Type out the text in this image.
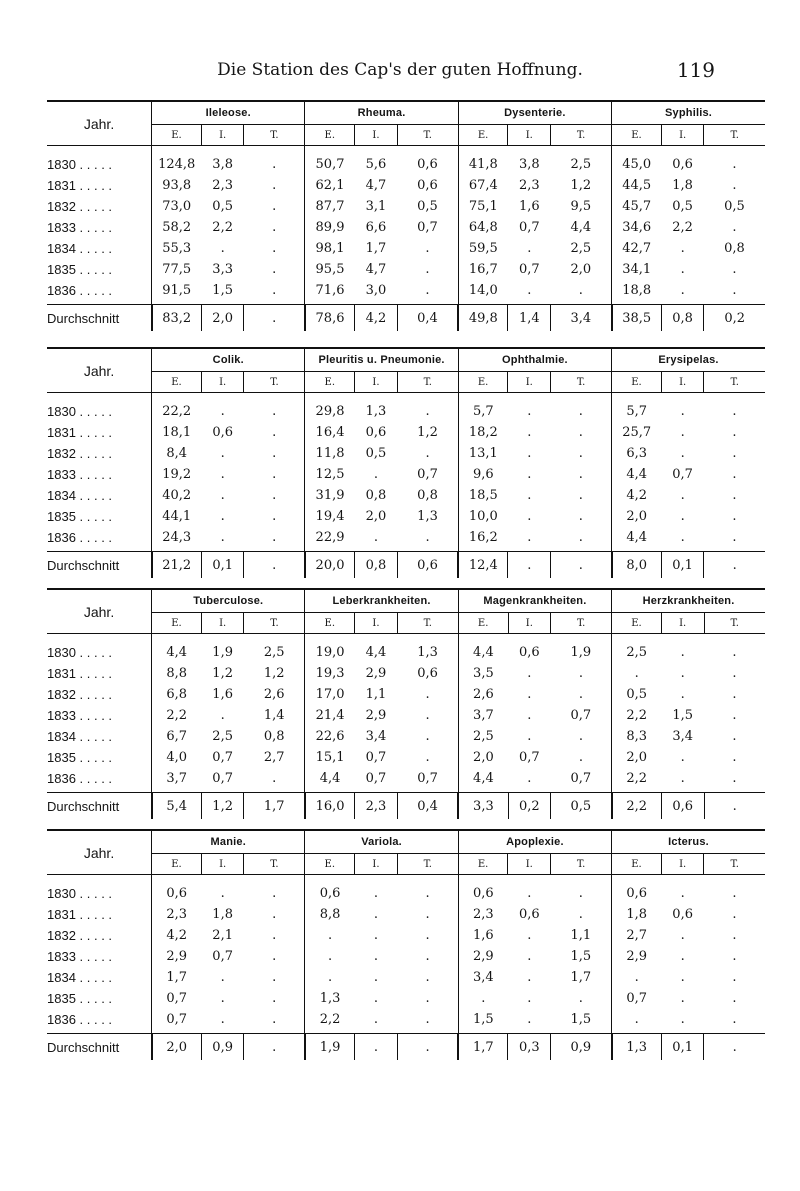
Die Station des Cap's der guten Hoffnung.	119
Jahr.	Ileleose.			Rheuma.			Dysenterie.			Syphilis.		
	E.	I.	T.	E.	I.	T.	E.	I.	T.	E.	I.	T.
1830 . . . . .	124,8	3,8	.	50,7	5,6	0,6	41,8	3,8	2,5	45,0	0,6	.
1831 . . . . .	93,8	2,3	.	62,1	4,7	0,6	67,4	2,3	1,2	44,5	1,8	.
1832 . . . . .	73,0	0,5	.	87,7	3,1	0,5	75,1	1,6	9,5	45,7	0,5	0,5
1833 . . . . .	58,2	2,2	.	89,9	6,6	0,7	64,8	0,7	4,4	34,6	2,2	.
1834 . . . . .	55,3	.	.	98,1	1,7	.	59,5	.	2,5	42,7	.	0,8
1835 . . . . .	77,5	3,3	.	95,5	4,7	.	16,7	0,7	2,0	34,1	.	.
1836 . . . . .	91,5	1,5	.	71,6	3,0	.	14,0	.	.	18,8	.	.
Durchschnitt	83,2	2,0	.	78,6	4,2	0,4	49,8	1,4	3,4	38,5	0,8	0,2
Jahr.	Colik.			Pleuritis u. Pneumonie.			Ophthalmie.			Erysipelas.		
	E.	I.	T.	E.	I.	T.	E.	I.	T.	E.	I.	T.
1830 . . . . .	22,2	.	.	29,8	1,3	.	5,7	.	.	5,7	.	.
1831 . . . . .	18,1	0,6	.	16,4	0,6	1,2	18,2	.	.	25,7	.	.
1832 . . . . .	8,4	.	.	11,8	0,5	.	13,1	.	.	6,3	.	.
1833 . . . . .	19,2	.	.	12,5	.	0,7	9,6	.	.	4,4	0,7	.
1834 . . . . .	40,2	.	.	31,9	0,8	0,8	18,5	.	.	4,2	.	.
1835 . . . . .	44,1	.	.	19,4	2,0	1,3	10,0	.	.	2,0	.	.
1836 . . . . .	24,3	.	.	22,9	.	.	16,2	.	.	4,4	.	.
Durchschnitt	21,2	0,1	.	20,0	0,8	0,6	12,4	.	.	8,0	0,1	.
Jahr.	Tuberculose.			Leberkrankheiten.			Magenkrankheiten.			Herzkrankheiten.		
	E.	I.	T.	E.	I.	T.	E.	I.	T.	E.	I.	T.
1830 . . . . .	4,4	1,9	2,5	19,0	4,4	1,3	4,4	0,6	1,9	2,5	.	.
1831 . . . . .	8,8	1,2	1,2	19,3	2,9	0,6	3,5	.	.	.	.	.
1832 . . . . .	6,8	1,6	2,6	17,0	1,1	.	2,6	.	.	0,5	.	.
1833 . . . . .	2,2	.	1,4	21,4	2,9	.	3,7	.	0,7	2,2	1,5	.
1834 . . . . .	6,7	2,5	0,8	22,6	3,4	.	2,5	.	.	8,3	3,4	.
1835 . . . . .	4,0	0,7	2,7	15,1	0,7	.	2,0	0,7	.	2,0	.	.
1836 . . . . .	3,7	0,7	.	4,4	0,7	0,7	4,4	.	0,7	2,2	.	.
Durchschnitt	5,4	1,2	1,7	16,0	2,3	0,4	3,3	0,2	0,5	2,2	0,6	.
Jahr.	Manie.			Variola.			Apoplexie.			Icterus.		
	E.	I.	T.	E.	I.	T.	E.	I.	T.	E.	I.	T.
1830 . . . . .	0,6	.	.	0,6	.	.	0,6	.	.	0,6	.	.
1831 . . . . .	2,3	1,8	.	8,8	.	.	2,3	0,6	.	1,8	0,6	.
1832 . . . . .	4,2	2,1	.	.	.	.	1,6	.	1,1	2,7	.	.
1833 . . . . .	2,9	0,7	.	.	.	.	2,9	.	1,5	2,9	.	.
1834 . . . . .	1,7	.	.	.	.	.	3,4	.	1,7	.	.	.
1835 . . . . .	0,7	.	.	1,3	.	.	.	.	.	0,7	.	.
1836 . . . . .	0,7	.	.	2,2	.	.	1,5	.	1,5	.	.	.
Durchschnitt	2,0	0,9	.	1,9	.	.	1,7	0,3	0,9	1,3	0,1	.
